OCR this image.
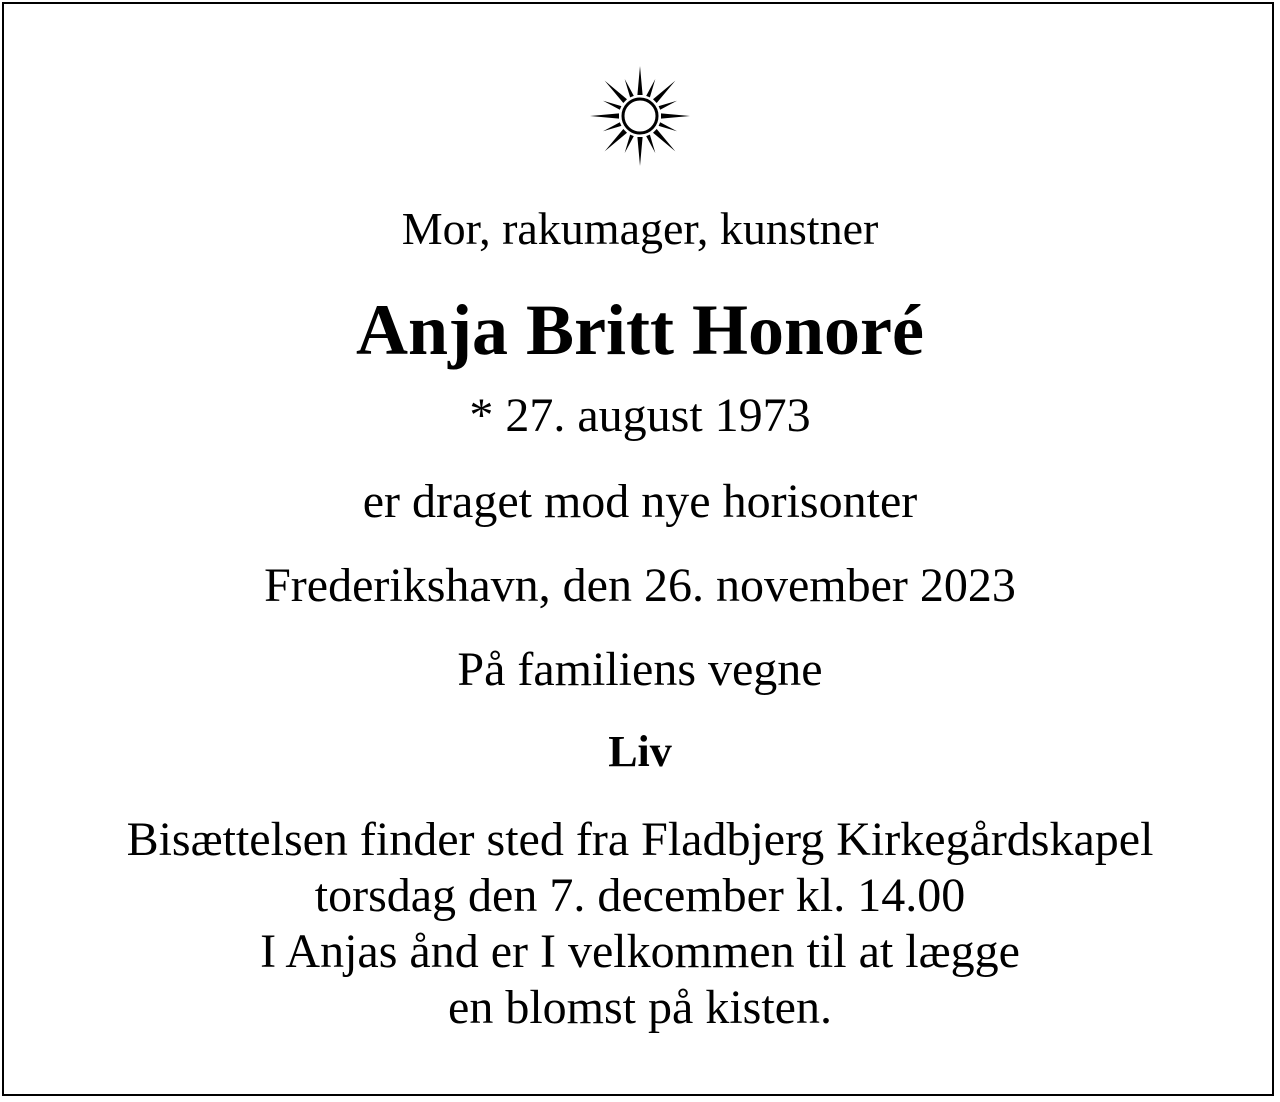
Mor, rakumager, kunstner
Anja Britt Honoré
* 27. august 1973
er draget mod nye horisonter
Frederikshavn, den 26. november 2023
På familiens vegne
Liv
Bisættelsen finder sted fra Fladbjerg Kirkegårdskapel
torsdag den 7. december kl. 14.00
I Anjas ånd er I velkommen til at lægge
en blomst på kisten.
